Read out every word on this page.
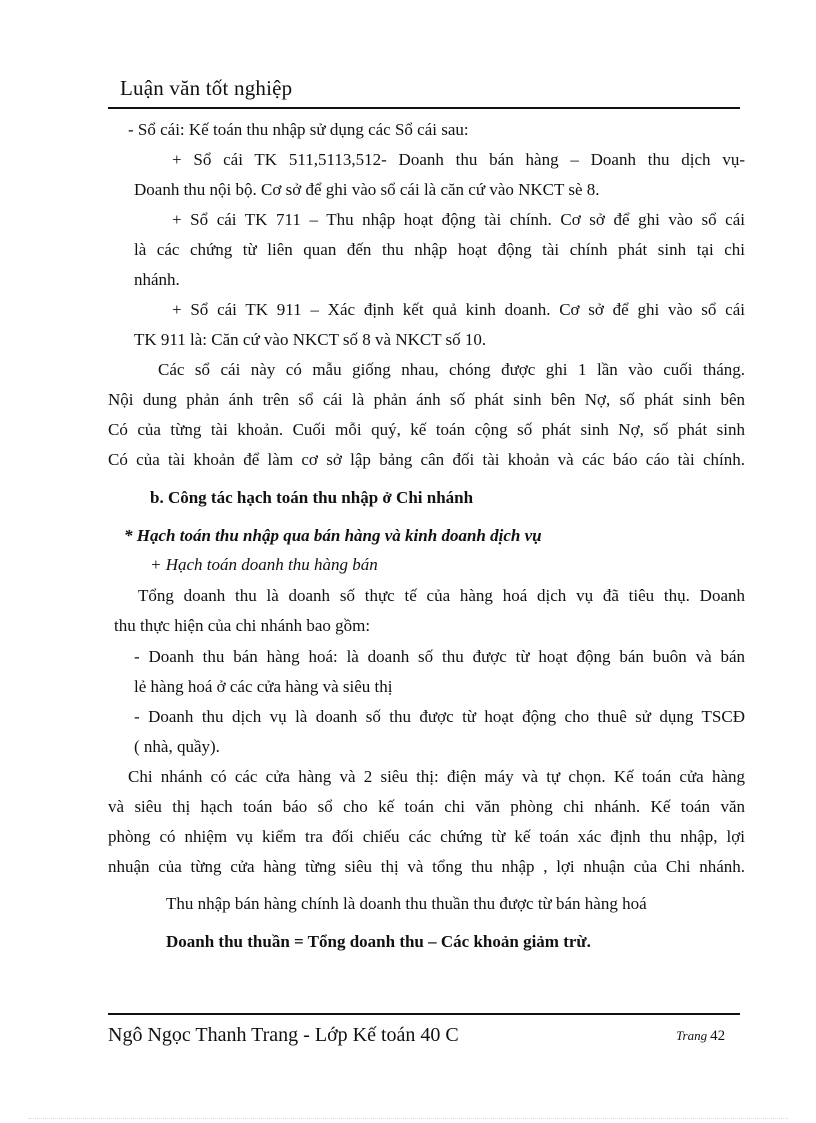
Luận văn tốt nghiệp
- Sổ cái: Kế toán thu nhập sử dụng các Sổ cái sau:
+ Sổ cái TK 511,5113,512- Doanh thu bán hàng – Doanh thu dịch vụ-
Doanh thu nội bộ. Cơ sở để ghi vào sổ cái là căn cứ vào NKCT sè 8.
+ Sổ cái TK 711 – Thu nhập hoạt động tài chính. Cơ sở để ghi vào sổ cái
là các chứng từ liên quan đến thu nhập hoạt động tài chính phát sinh tại chi
nhánh.
+ Sổ cái TK 911 – Xác định kết quả kinh doanh. Cơ sở để ghi vào sổ cái
TK 911 là: Căn cứ vào NKCT số 8 và NKCT số 10.
Các sổ cái này có mẫu giống nhau, chóng được ghi 1 lần vào cuối tháng.
Nội dung phản ánh trên sổ cái là phản ánh số phát sinh bên Nợ, số phát sinh bên
Có của từng tài khoản. Cuối mỗi quý, kế toán cộng số phát sinh Nợ, số phát sinh
Có của tài khoản để làm cơ sở lập bảng cân đối tài khoản và các báo cáo tài chính.
b. Công tác hạch toán thu nhập ở Chi nhánh
* Hạch toán thu nhập qua bán hàng và kinh doanh dịch vụ
+ Hạch toán doanh thu hàng bán
Tổng doanh thu là doanh số thực tế của hàng hoá dịch vụ đã tiêu thụ. Doanh
thu thực hiện của chi nhánh bao gồm:
- Doanh thu bán hàng hoá: là doanh số thu được từ hoạt động bán buôn và bán
lẻ hàng hoá ở các cửa hàng và siêu thị
- Doanh thu dịch vụ là doanh số thu được từ hoạt động cho thuê sử dụng TSCĐ
( nhà, quầy).
Chi nhánh có các cửa hàng và 2 siêu thị: điện máy và tự chọn. Kế toán cửa hàng
và siêu thị hạch toán báo sổ cho kế toán chi văn phòng chi nhánh. Kế toán văn
phòng có nhiệm vụ kiểm tra đối chiếu các chứng từ kế toán xác định thu nhập, lợi
nhuận của từng cửa hàng từng siêu thị và tổng thu nhập , lợi nhuận của Chi nhánh.
Thu nhập bán hàng chính là doanh thu thuần thu được từ bán hàng hoá
Doanh thu thuần = Tổng doanh thu – Các khoản giảm trừ.
Ngô Ngọc Thanh Trang - Lớp Kế toán 40 C	Trang 42
